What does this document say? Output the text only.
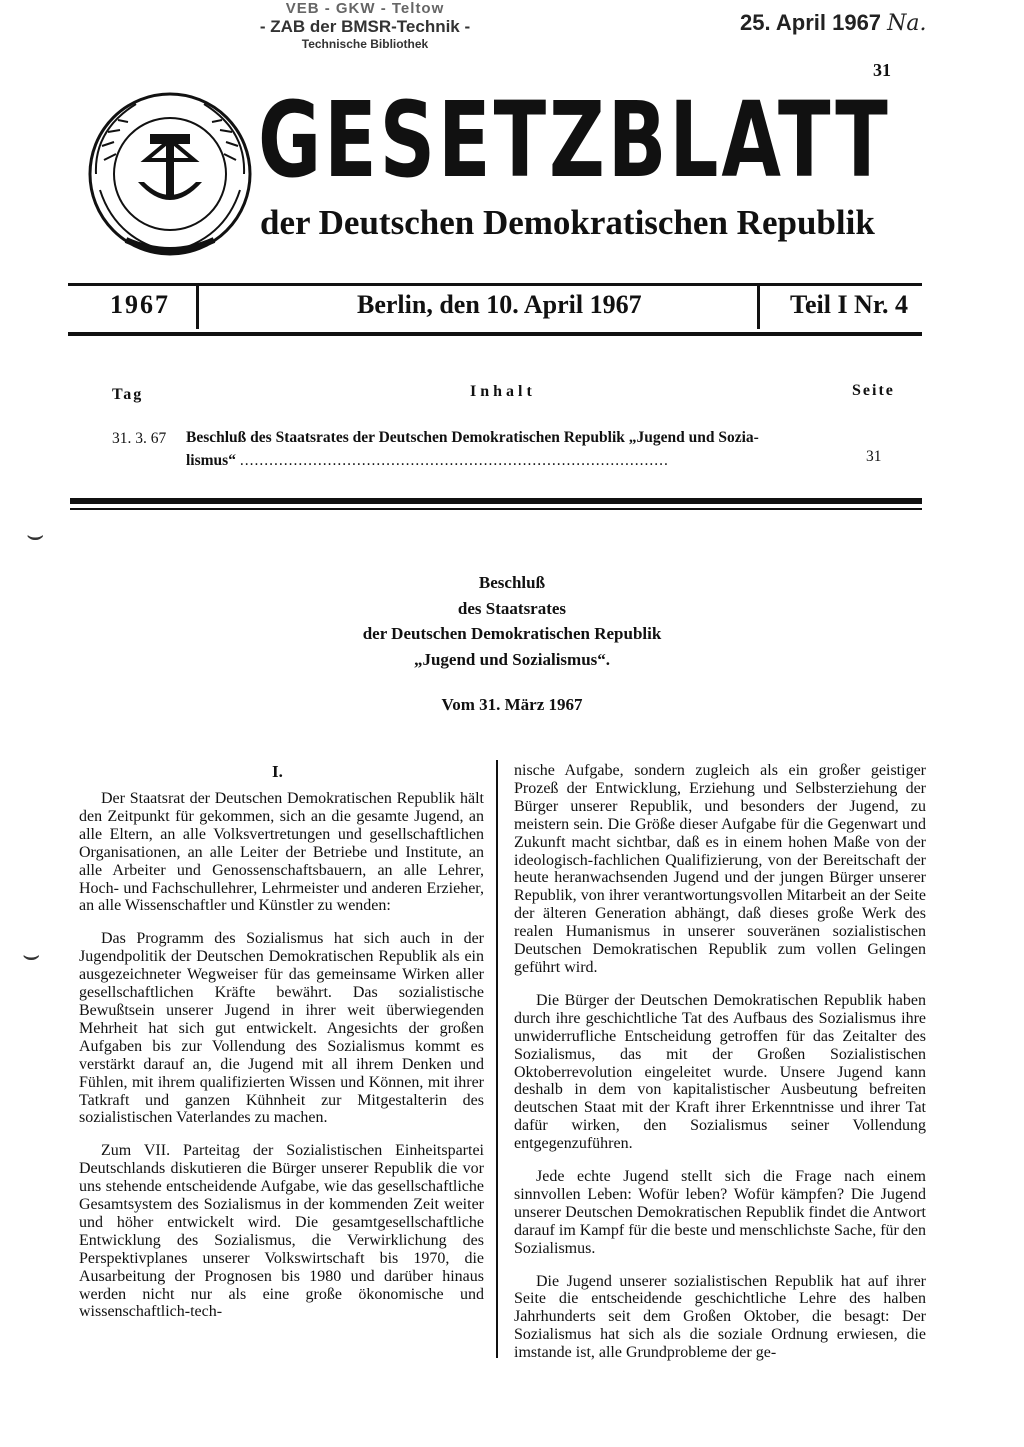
VEB - GKW - Teltow
- ZAB der BMSR-Technik -
Technische Bibliothek
25. April 1967 Na.
31
GESETZBLATT
der Deutschen Demokratischen Republik
1967	Berlin, den 10. April 1967	Teil I Nr. 4
Tag	Inhalt	Seite
31. 3. 67 Beschluß des Staatsrates der Deutschen Demokratischen Republik „Jugend und Sozia-
lismus“ ........................................................................................	31
⌣
⌣
Beschluß
des Staatsrates
der Deutschen Demokratischen Republik
„Jugend und Sozialismus“.
Vom 31. März 1967
I.

Der Staatsrat der Deutschen Demokratischen Republik hält den Zeitpunkt für gekommen, sich an die gesamte Jugend, an alle Eltern, an alle Volksvertretungen und gesellschaftlichen Organisationen, an alle Leiter der Betriebe und Institute, an alle Arbeiter und Genossenschaftsbauern, an alle Lehrer, Hoch- und Fachschullehrer, Lehrmeister und anderen Erzieher, an alle Wissenschaftler und Künstler zu wenden:

Das Programm des Sozialismus hat sich auch in der Jugendpolitik der Deutschen Demokratischen Republik als ein ausgezeichneter Wegweiser für das gemeinsame Wirken aller gesellschaftlichen Kräfte bewährt. Das sozialistische Bewußtsein unserer Jugend in ihrer weit überwiegenden Mehrheit hat sich gut entwickelt. Angesichts der großen Aufgaben bis zur Vollendung des Sozialismus kommt es verstärkt darauf an, die Jugend mit all ihrem Denken und Fühlen, mit ihrem qualifizierten Wissen und Können, mit ihrer Tatkraft und ganzen Kühnheit zur Mitgestalterin des sozialistischen Vaterlandes zu machen.

Zum VII. Parteitag der Sozialistischen Einheitspartei Deutschlands diskutieren die Bürger unserer Republik die vor uns stehende entscheidende Aufgabe, wie das gesellschaftliche Gesamtsystem des Sozialismus in der kommenden Zeit weiter und höher entwickelt wird. Die gesamtgesellschaftliche Entwicklung des Sozialismus, die Verwirklichung des Perspektivplanes unserer Volkswirtschaft bis 1970, die Ausarbeitung der Prognosen bis 1980 und darüber hinaus werden nicht nur als eine große ökonomische und wissenschaftlich-tech-

nische Aufgabe, sondern zugleich als ein großer geistiger Prozeß der Entwicklung, Erziehung und Selbsterziehung der Bürger unserer Republik, und besonders der Jugend, zu meistern sein. Die Größe dieser Aufgabe für die Gegenwart und Zukunft macht sichtbar, daß es in einem hohen Maße von der ideologisch-fachlichen Qualifizierung, von der Bereitschaft der heute heranwachsenden Jugend und der jungen Bürger unserer Republik, von ihrer verantwortungsvollen Mitarbeit an der Seite der älteren Generation abhängt, daß dieses große Werk des realen Humanismus in unserer souveränen sozialistischen Deutschen Demokratischen Republik zum vollen Gelingen geführt wird.

Die Bürger der Deutschen Demokratischen Republik haben durch ihre geschichtliche Tat des Aufbaus des Sozialismus ihre unwiderrufliche Entscheidung getroffen für das Zeitalter des Sozialismus, das mit der Großen Sozialistischen Oktoberrevolution eingeleitet wurde. Unsere Jugend kann deshalb in dem von kapitalistischer Ausbeutung befreiten deutschen Staat mit der Kraft ihrer Erkenntnisse und ihrer Tat dafür wirken, den Sozialismus seiner Vollendung entgegenzuführen.

Jede echte Jugend stellt sich die Frage nach einem sinnvollen Leben: Wofür leben? Wofür kämpfen? Die Jugend unserer Deutschen Demokratischen Republik findet die Antwort darauf im Kampf für die beste und menschlichste Sache, für den Sozialismus.

Die Jugend unserer sozialistischen Republik hat auf ihrer Seite die entscheidende geschichtliche Lehre des halben Jahrhunderts seit dem Großen Oktober, die besagt: Der Sozialismus hat sich als die soziale Ordnung erwiesen, die imstande ist, alle Grundprobleme der ge-
